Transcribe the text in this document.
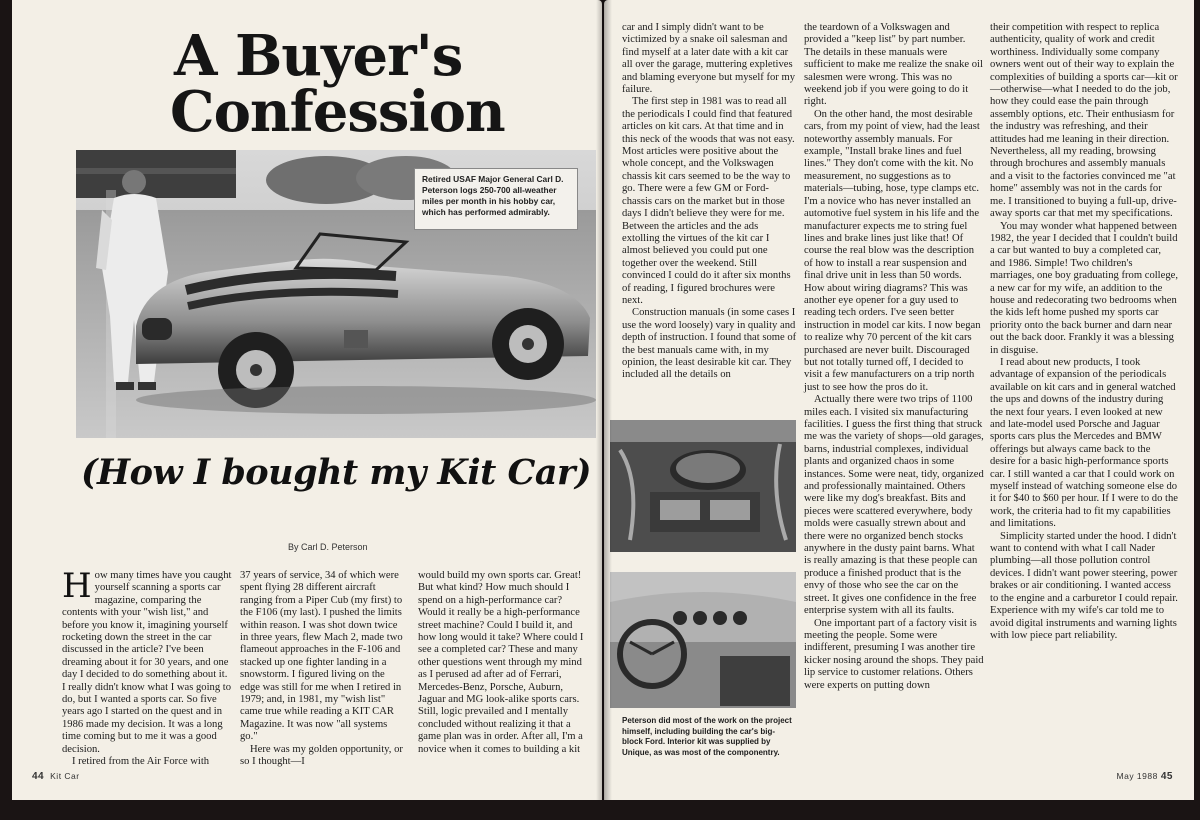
A Buyer's
Confession
Retired USAF Major General Carl D. Peterson logs 250-700 all-weather miles per month in his hobby car, which has performed admirably.
(How I bought my Kit Car)
By Carl D. Peterson

How many times have you caught yourself scanning a sports car magazine, comparing the contents with your "wish list," and before you know it, imagining yourself rocketing down the street in the car discussed in the article? I've been dreaming about it for 30 years, and one day I decided to do something about it. I really didn't know what I was going to do, but I wanted a sports car. So five years ago I started on the quest and in 1986 made my decision. It was a long time coming but to me it was a good decision.

I retired from the Air Force with

37 years of service, 34 of which were spent flying 28 different aircraft ranging from a Piper Cub (my first) to the F106 (my last). I pushed the limits within reason. I was shot down twice in three years, flew Mach 2, made two flameout approaches in the F-106 and stacked up one fighter landing in a snowstorm. I figured living on the edge was still for me when I retired in 1979; and, in 1981, my "wish list" came true while reading a KIT CAR Magazine. It was now "all systems go."

Here was my golden opportunity, or so I thought—I

would build my own sports car. Great! But what kind? How much should I spend on a high-performance car? Would it really be a high-performance street machine? Could I build it, and how long would it take? Where could I see a completed car? These and many other questions went through my mind as I perused ad after ad of Ferrari, Mercedes-Benz, Porsche, Auburn, Jaguar and MG look-alike sports cars. Still, logic prevailed and I mentally concluded without realizing it that a game plan was in order. After all, I'm a novice when it comes to building a kit

44 Kit Car

car and I simply didn't want to be victimized by a snake oil salesman and find myself at a later date with a kit car all over the garage, muttering expletives and blaming everyone but myself for my failure.

The first step in 1981 was to read all the periodicals I could find that featured articles on kit cars. At that time and in this neck of the woods that was not easy. Most articles were positive about the whole concept, and the Volkswagen chassis kit cars seemed to be the way to go. There were a few GM or Ford-chassis cars on the market but in those days I didn't believe they were for me. Between the articles and the ads extolling the virtues of the kit car I almost believed you could put one together over the weekend. Still convinced I could do it after six months of reading, I figured brochures were next.

Construction manuals (in some cases I use the word loosely) vary in quality and depth of instruction. I found that some of the best manuals came with, in my opinion, the least desirable kit car. They included all the details on

Peterson did most of the work on the project himself, including building the car's big-block Ford. Interior kit was supplied by Unique, as was most of the componentry.

the teardown of a Volkswagen and provided a "keep list" by part number. The details in these manuals were sufficient to make me realize the snake oil salesmen were wrong. This was no weekend job if you were going to do it right.

On the other hand, the most desirable cars, from my point of view, had the least noteworthy assembly manuals. For example, "Install brake lines and fuel lines." They don't come with the kit. No measurement, no suggestions as to materials—tubing, hose, type clamps etc. I'm a novice who has never installed an automotive fuel system in his life and the manufacturer expects me to string fuel lines and brake lines just like that! Of course the real blow was the description of how to install a rear suspension and final drive unit in less than 50 words. How about wiring diagrams? This was another eye opener for a guy used to reading tech orders. I've seen better instruction in model car kits. I now began to realize why 70 percent of the kit cars purchased are never built. Discouraged but not totally turned off, I decided to visit a few manufacturers on a trip north just to see how the pros do it.

Actually there were two trips of 1100 miles each. I visited six manufacturing facilities. I guess the first thing that struck me was the variety of shops—old garages, barns, industrial complexes, individual plants and organized chaos in some instances. Some were neat, tidy, organized and professionally maintained. Others were like my dog's breakfast. Bits and pieces were scattered everywhere, body molds were casually strewn about and there were no organized bench stocks anywhere in the dusty paint barns. What is really amazing is that these people can produce a finished product that is the envy of those who see the car on the street. It gives one confidence in the free enterprise system with all its faults.

One important part of a factory visit is meeting the people. Some were indifferent, presuming I was another tire kicker nosing around the shops. They paid lip service to customer relations. Others were experts on putting down

their competition with respect to replica authenticity, quality of work and credit worthiness. Individually some company owners went out of their way to explain the complexities of building a sports car—kit or—otherwise—what I needed to do the job, how they could ease the pain through assembly options, etc. Their enthusiasm for the industry was refreshing, and their attitudes had me leaning in their direction. Nevertheless, all my reading, browsing through brochures and assembly manuals and a visit to the factories convinced me "at home" assembly was not in the cards for me. I transitioned to buying a full-up, drive-away sports car that met my specifications.

You may wonder what happened between 1982, the year I decided that I couldn't build a car but wanted to buy a completed car, and 1986. Simple! Two children's marriages, one boy graduating from college, a new car for my wife, an addition to the house and redecorating two bedrooms when the kids left home pushed my sports car priority onto the back burner and darn near out the back door. Frankly it was a blessing in disguise.

I read about new products, I took advantage of expansion of the periodicals available on kit cars and in general watched the ups and downs of the industry during the next four years. I even looked at new and late-model used Porsche and Jaguar sports cars plus the Mercedes and BMW offerings but always came back to the desire for a basic high-performance sports car. I still wanted a car that I could work on myself instead of watching someone else do it for $40 to $60 per hour. If I were to do the work, the criteria had to fit my capabilities and limitations.

Simplicity started under the hood. I didn't want to contend with what I call Nader plumbing—all those pollution control devices. I didn't want power steering, power brakes or air conditioning. I wanted access to the engine and a carburetor I could repair. Experience with my wife's car told me to avoid digital instruments and warning lights with low piece part reliability.

May 1988 45
